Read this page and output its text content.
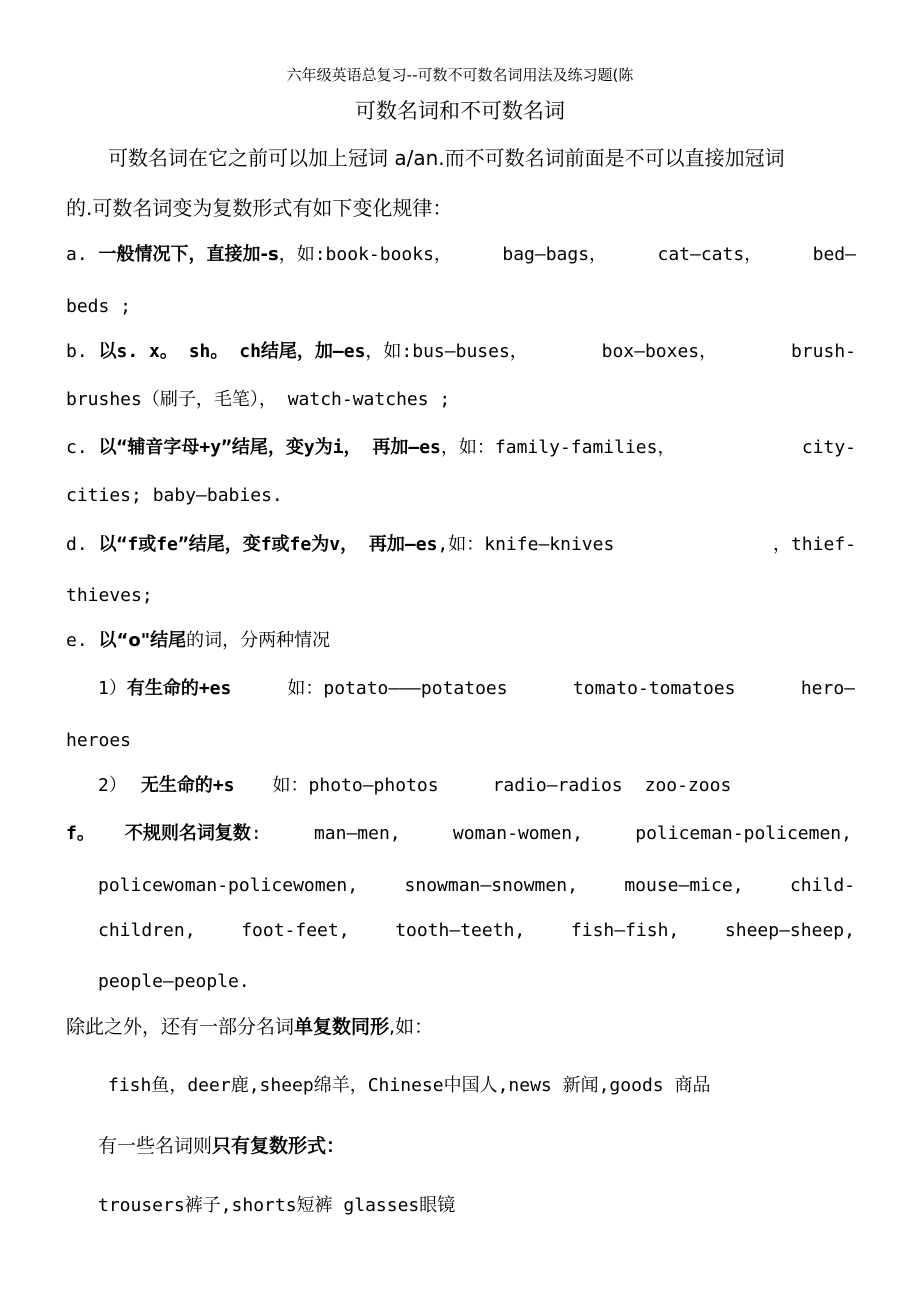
六年级英语总复习--可数不可数名词用法及练习题(陈
可数名词和不可数名词
可数名词在它之前可以加上冠词 a/an.而不可数名词前面是不可以直接加冠词
的.可数名词变为复数形式有如下变化规律：
a. 一般情况下，直接加-s，如:book-books，	bag—bags，	cat—cats，	bed—
beds ;
b. 以s. x。 sh。 ch结尾，加—es，如:bus—buses，	box—boxes，	brush-
brushes（刷子，毛笔）， watch-watches ;
c. 以“辅音字母+y”结尾，变y为i， 再加—es，如：family-families，	city-
cities; baby—babies.
d. 以“f或fe”结尾，变f或fe为v， 再加—es,如：knife—knives	，thief-
thieves;
e. 以“o"结尾的词，分两种情况
1）有生命的+es	如：potato———potatoes	tomato-tomatoes	hero—
heroes
2） 无生命的+s 如：photo—photos	radio—radios zoo-zoos
f。 不规则名词复数:	man—men,	woman-women,	policeman-policemen,
policewoman-policewomen,	snowman—snowmen,	mouse—mice,	child-
children,	foot-feet,	tooth—teeth,	fish—fish,	sheep—sheep,
people—people.
除此之外，还有一部分名词单复数同形,如：
fish鱼，deer鹿,sheep绵羊，Chinese中国人,news 新闻,goods 商品
有一些名词则只有复数形式：
trousers裤子,shorts短裤 glasses眼镜
